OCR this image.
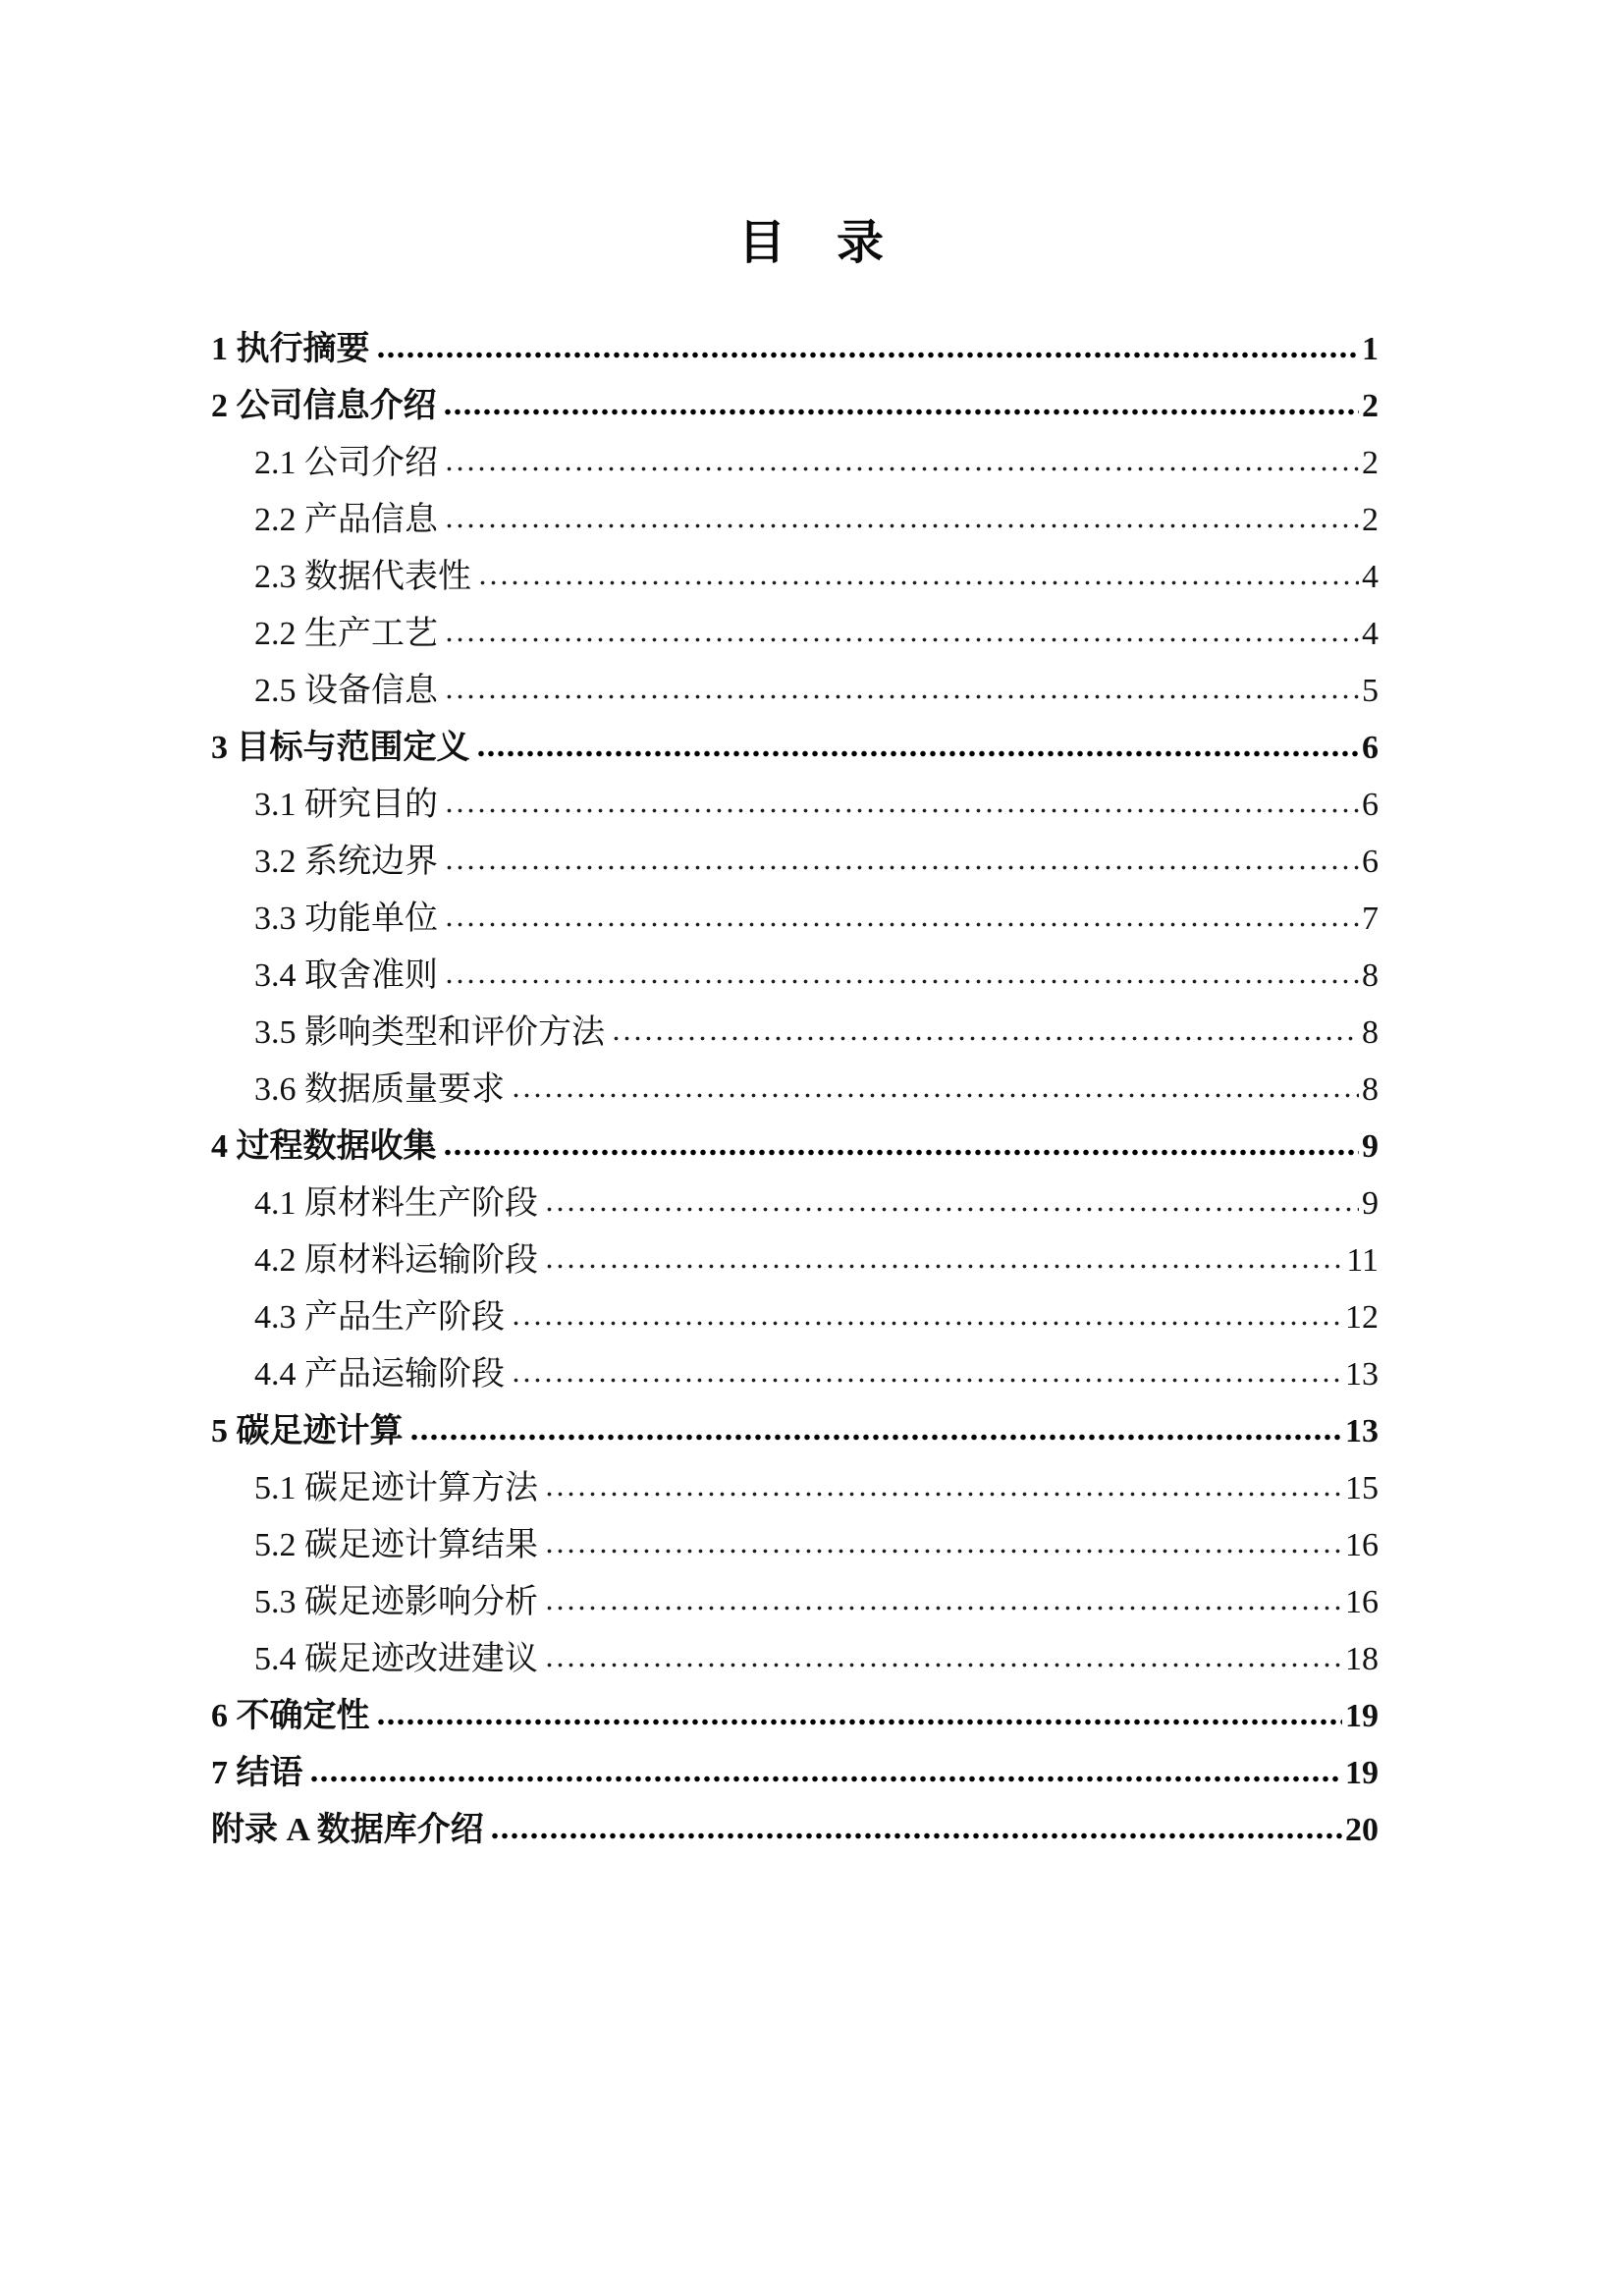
目　录
1 执行摘要	1
2 公司信息介绍	2
2.1 公司介绍	2
2.2 产品信息	2
2.3 数据代表性	4
2.2 生产工艺	4
2.5 设备信息	5
3 目标与范围定义	6
3.1 研究目的	6
3.2 系统边界	6
3.3 功能单位	7
3.4 取舍准则	8
3.5 影响类型和评价方法	8
3.6 数据质量要求	8
4 过程数据收集	9
4.1 原材料生产阶段	9
4.2 原材料运输阶段	11
4.3 产品生产阶段	12
4.4 产品运输阶段	13
5 碳足迹计算	13
5.1 碳足迹计算方法	15
5.2 碳足迹计算结果	16
5.3 碳足迹影响分析	16
5.4 碳足迹改进建议	18
6 不确定性	19
7 结语	19
附录 A 数据库介绍	20
